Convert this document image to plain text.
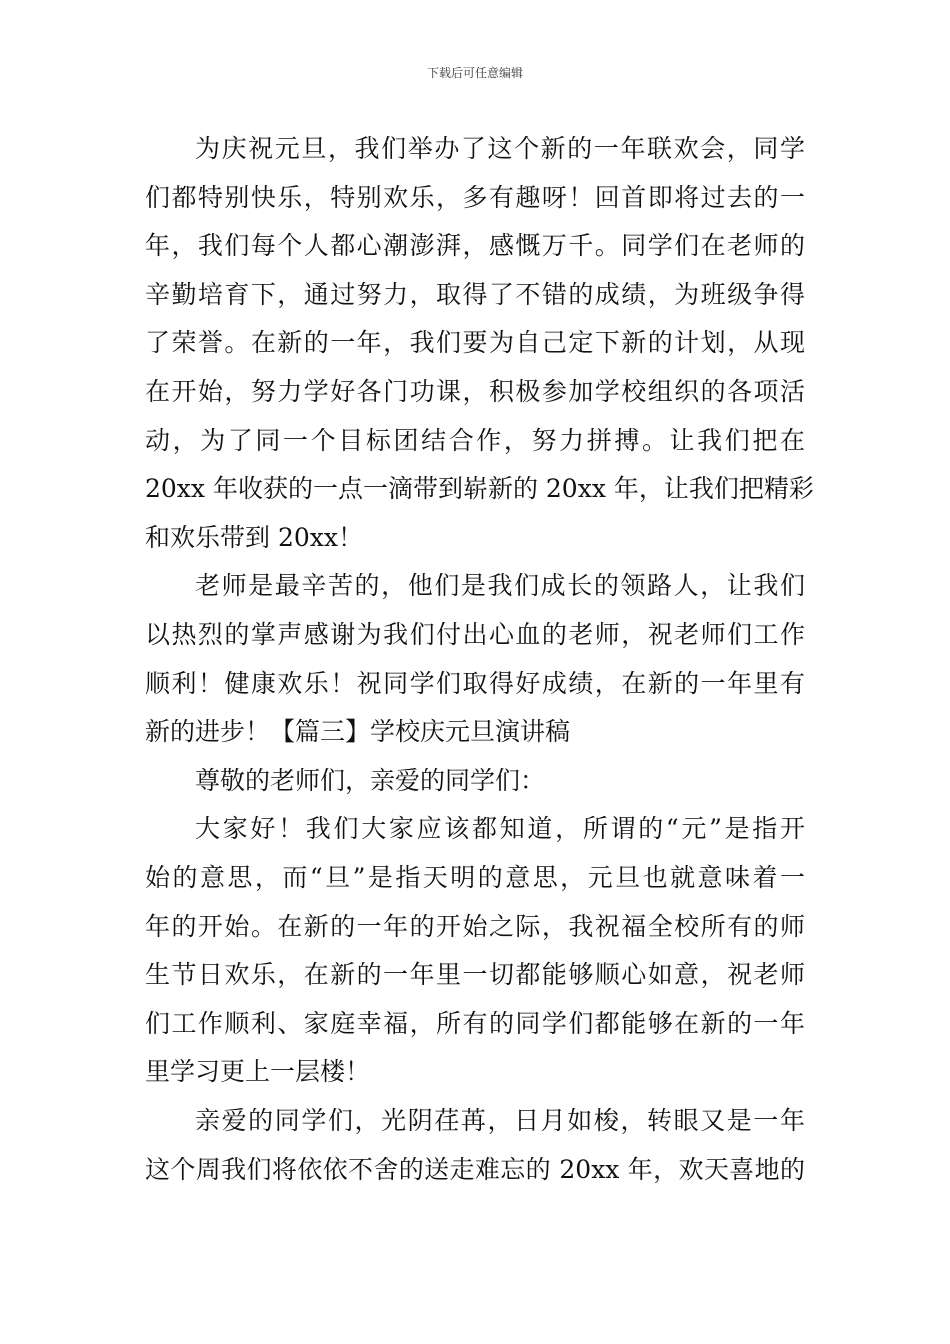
下载后可任意编辑
为庆祝元旦，我们举办了这个新的一年联欢会，同学
们都特别快乐，特别欢乐，多有趣呀！回首即将过去的一
年，我们每个人都心潮澎湃，感慨万千。同学们在老师的
辛勤培育下，通过努力，取得了不错的成绩，为班级争得
了荣誉。在新的一年，我们要为自己定下新的计划，从现
在开始，努力学好各门功课，积极参加学校组织的各项活
动，为了同一个目标团结合作，努力拼搏。让我们把在
20xx 年收获的一点一滴带到崭新的 20xx 年，让我们把精彩
和欢乐带到 20xx！
老师是最辛苦的，他们是我们成长的领路人，让我们
以热烈的掌声感谢为我们付出心血的老师，祝老师们工作
顺利！健康欢乐！祝同学们取得好成绩，在新的一年里有
新的进步！【篇三】学校庆元旦演讲稿
尊敬的老师们，亲爱的同学们：
大家好！我们大家应该都知道，所谓的“元”是指开
始的意思，而“旦”是指天明的意思，元旦也就意味着一
年的开始。在新的一年的开始之际，我祝福全校所有的师
生节日欢乐，在新的一年里一切都能够顺心如意，祝老师
们工作顺利、家庭幸福，所有的同学们都能够在新的一年
里学习更上一层楼！
亲爱的同学们，光阴荏苒，日月如梭，转眼又是一年
这个周我们将依依不舍的送走难忘的 20xx 年，欢天喜地的
